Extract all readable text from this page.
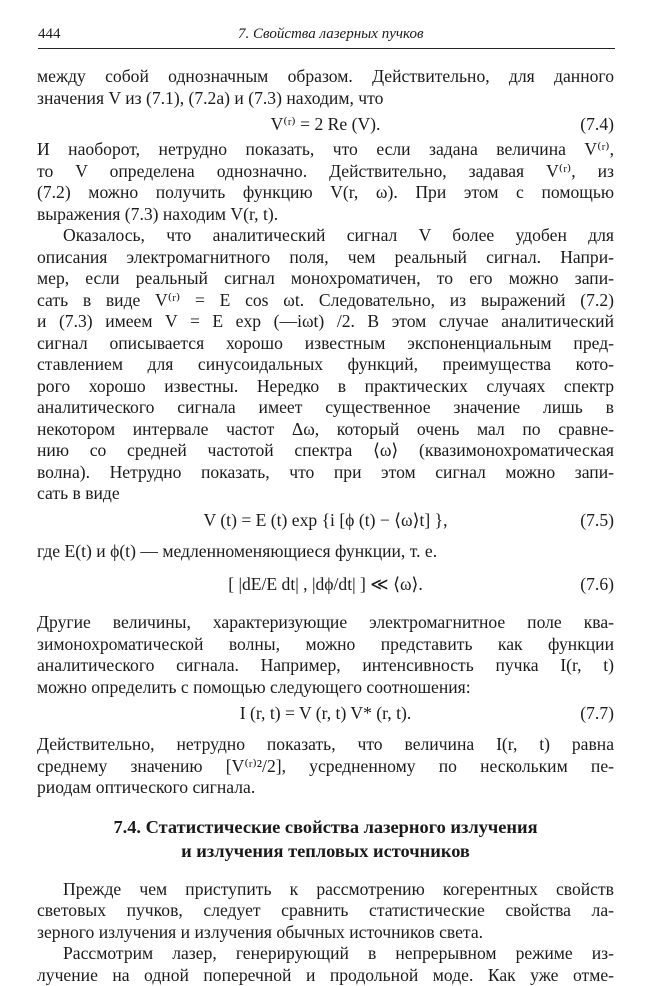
444	7. Свойства лазерных пучков
между собой однозначным образом. Действительно, для данного
значения V из (7.1), (7.2а) и (7.3) находим, что
V⁽ʳ⁾ = 2 Re (V).	(7.4)
И наоборот, нетрудно показать, что если задана величина V⁽ʳ⁾,
то V определена однозначно. Действительно, задавая V⁽ʳ⁾, из
(7.2) можно получить функцию V(r, ω). При этом с помощью
выражения (7.3) находим V(r, t).
Оказалось, что аналитический сигнал V более удобен для
описания электромагнитного поля, чем реальный сигнал. Напри-
мер, если реальный сигнал монохроматичен, то его можно запи-
сать в виде V⁽ʳ⁾ = E cos ωt. Следовательно, из выражений (7.2)
и (7.3) имеем V = E exp (—iωt) /2. В этом случае аналитический
сигнал описывается хорошо известным экспоненциальным пред-
ставлением для синусоидальных функций, преимущества кото-
рого хорошо известны. Нередко в практических случаях спектр
аналитического сигнала имеет существенное значение лишь в
некотором интервале частот Δω, который очень мал по сравне-
нию со средней частотой спектра ⟨ω⟩ (квазимонохроматическая
волна). Нетрудно показать, что при этом сигнал можно запи-
сать в виде
V (t) = E (t) exp {i [ϕ (t) − ⟨ω⟩t] },	(7.5)
где E(t) и ϕ(t) — медленноменяющиеся функции, т. е.
[ |dE/E dt| , |dϕ/dt| ] ≪ ⟨ω⟩.	(7.6)
Другие величины, характеризующие электромагнитное поле ква-
зимонохроматической волны, можно представить как функции
аналитического сигнала. Например, интенсивность пучка I(r, t)
можно определить с помощью следующего соотношения:
I (r, t) = V (r, t) V* (r, t).	(7.7)
Действительно, нетрудно показать, что величина I(r, t) равна
среднему значению [V⁽ʳ⁾²/2], усредненному по нескольким пе-
риодам оптического сигнала.
7.4. Статистические свойства лазерного излучения
и излучения тепловых источников
Прежде чем приступить к рассмотрению когерентных свойств
световых пучков, следует сравнить статистические свойства ла-
зерного излучения и излучения обычных источников света.
Рассмотрим лазер, генерирующий в непрерывном режиме из-
лучение на одной поперечной и продольной моде. Как уже отме-
